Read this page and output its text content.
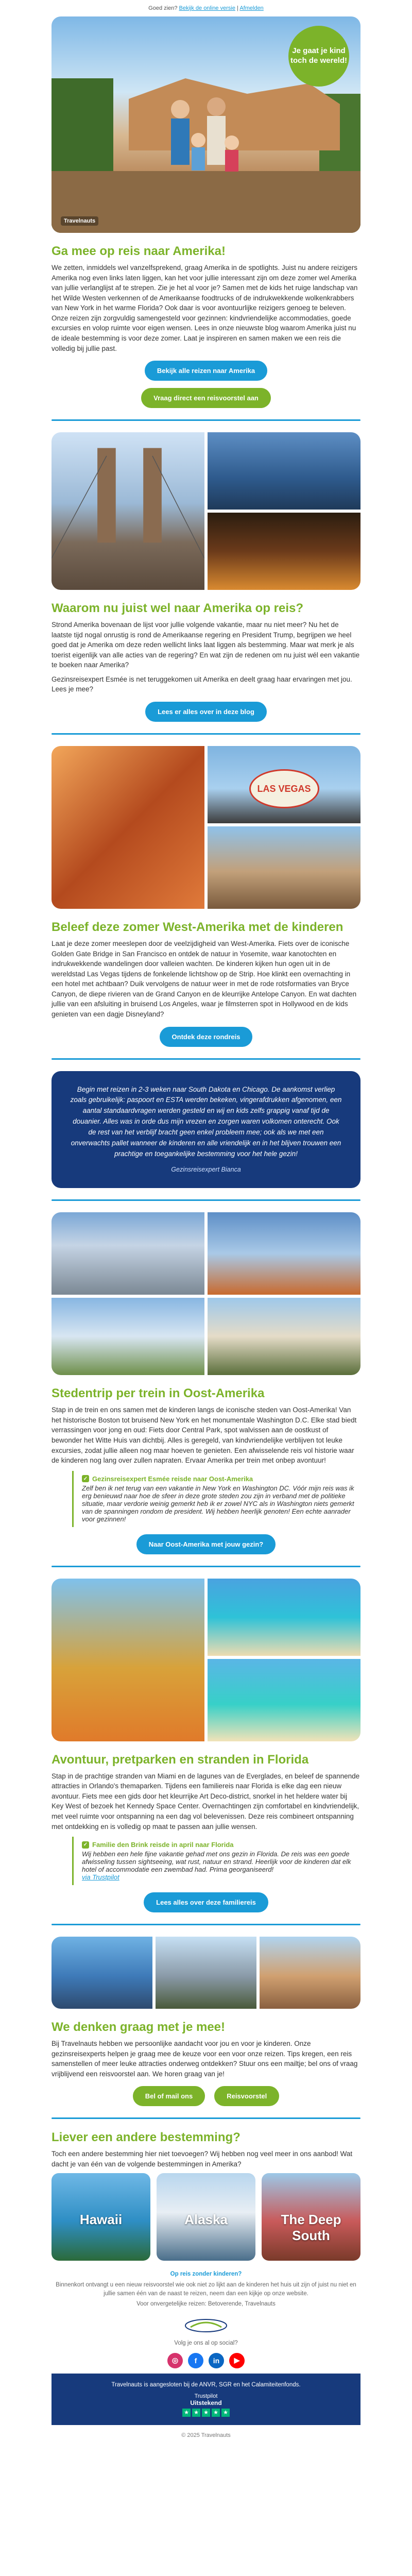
Goed zien? Bekijk de online versie | Afmelden
Je gaat je kind toch de wereld!
Travelnauts
Ga mee op reis naar Amerika!

We zetten, inmiddels wel vanzelfsprekend, graag Amerika in de spotlights. Juist nu andere reizigers Amerika nog even links laten liggen, kan het voor jullie interessant zijn om deze zomer wel Amerika van jullie verlanglijst af te strepen. Zie je het al voor je? Samen met de kids het ruige landschap van het Wilde Westen verkennen of de Amerikaanse foodtrucks of de indrukwekkende wolkenkrabbers van New York in het warme Florida? Ook daar is voor avontuurlijke reizigers genoeg te beleven. Onze reizen zijn zorgvuldig samengesteld voor gezinnen: kindvriendelijke accommodaties, goede excursies en volop ruimte voor eigen wensen. Lees in onze nieuwste blog waarom Amerika juist nu de ideale bestemming is voor deze zomer. Laat je inspireren en samen maken we een reis die volledig bij jullie past.

Bekijk alle reizen naar Amerika
Vraag direct een reisvoorstel aan
Waarom nu juist wel naar Amerika op reis?

Strond Amerika bovenaan de lijst voor jullie volgende vakantie, maar nu niet meer? Nu het de laatste tijd nogal onrustig is rond de Amerikaanse regering en President Trump, begrijpen we heel goed dat je Amerika om deze reden wellicht links laat liggen als bestemming. Maar wat merk je als toerist eigenlijk van alle acties van de regering? En wat zijn de redenen om nu juist wél een vakantie te boeken naar Amerika?

Gezinsreisexpert Esmée is net teruggekomen uit Amerika en deelt graag haar ervaringen met jou. Lees je mee?

Lees er alles over in deze blog
LAS VEGAS
Beleef deze zomer West-Amerika met de kinderen

Laat je deze zomer meeslepen door de veelzijdigheid van West-Amerika. Fiets over de iconische Golden Gate Bridge in San Francisco en ontdek de natuur in Yosemite, waar kanotochten en indrukwekkende wandelingen door valleien wachten. De kinderen kijken hun ogen uit in de wereldstad Las Vegas tijdens de fonkelende lichtshow op de Strip. Hoe klinkt een overnachting in een hotel met achtbaan? Duik vervolgens de natuur weer in met de rode rotsformaties van Bryce Canyon, de diepe rivieren van de Grand Canyon en de kleurrijke Antelope Canyon. En wat dachten jullie van een afsluiting in bruisend Los Angeles, waar je filmsterren spot in Hollywood en de kids genieten van een dagje Disneyland?

Ontdek deze rondreis
Begin met reizen in 2-3 weken naar South Dakota en Chicago. De aankomst verliep zoals gebruikelijk: paspoort en ESTA werden bekeken, vingerafdrukken afgenomen, een aantal standaardvragen werden gesteld en wij en kids zelfs grappig vanaf tijd de douanier. Alles was in orde dus mijn vrezen en zorgen waren volkomen onterecht. Ook de rest van het verblijf bracht geen enkel probleem mee; ook als we met een onverwachts pallet wanneer de kinderen en alle vriendelijk en in het blijven trouwen een prachtige en toegankelijke bestemming voor het hele gezin!
Gezinsreisexpert Bianca
Stedentrip per trein in Oost-Amerika

Stap in de trein en ons samen met de kinderen langs de iconische steden van Oost-Amerika! Van het historische Boston tot bruisend New York en het monumentale Washington D.C. Elke stad biedt verrassingen voor jong en oud: Fiets door Central Park, spot walvissen aan de oostkust of bewonder het Witte Huis van dichtbij. Alles is geregeld, van kindvriendelijke verblijven tot leuke excursies, zodat jullie alleen nog maar hoeven te genieten. Een afwisselende reis vol historie waar de kinderen nog lang over zullen napraten. Ervaar Amerika per trein met onbep avontuur!

✓ Gezinsreisexpert Esmée reisde naar Oost-Amerika
Zelf ben ik net terug van een vakantie in New York en Washington DC. Vóór mijn reis was ik erg benieuwd naar hoe de sfeer in deze grote steden zou zijn in verband met de politieke situatie, maar verdorie weinig gemerkt heb ik er zowel NYC als in Washington niets gemerkt van de spanningen rondom de president. Wij hebben heerlijk genoten! Een echte aanrader voor gezinnen!
Naar Oost-Amerika met jouw gezin?
Avontuur, pretparken en stranden in Florida

Stap in de prachtige stranden van Miami en de lagunes van de Everglades, en beleef de spannende attracties in Orlando's themaparken. Tijdens een familiereis naar Florida is elke dag een nieuw avontuur. Fiets mee een gids door het kleurrijke Art Deco-district, snorkel in het heldere water bij Key West of bezoek het Kennedy Space Center. Overnachtingen zijn comfortabel en kindvriendelijk, met veel ruimte voor ontspanning na een dag vol belevenissen. Deze reis combineert ontspanning met ontdekking en is volledig op maat te passen aan jullie wensen.

✓ Familie den Brink reisde in april naar Florida
Wij hebben een hele fijne vakantie gehad met ons gezin in Florida. De reis was een goede afwisseling tussen sightseeing, wat rust, natuur en strand. Heerlijk voor de kinderen dat elk hotel of accommodatie een zwembad had. Prima georganiseerd!
via Trustpilot
Lees alles over deze familiereis
We denken graag met je mee!

Bij Travelnauts hebben we persoonlijke aandacht voor jou en voor je kinderen. Onze gezinsreisexperts helpen je graag mee de keuze voor een voor onze reizen. Tips kregen, een reis samenstellen of meer leuke attracties onderweg ontdekken? Stuur ons een mailtje; bel ons of vraag vrijblijvend een reisvoorstel aan. We horen graag van je!

Bel of mail ons	Reisvoorstel
Liever een andere bestemming?

Toch een andere bestemming hier niet toevoegen? Wij hebben nog veel meer in ons aanbod! Wat dacht je van één van de volgende bestemmingen in Amerika?

Hawaii	Alaska	The Deep South
Op reis zonder kinderen?
Binnenkort ontvangt u een nieuw reisvoorstel wie ook niet zo lijkt aan de kinderen het huis uit zijn of juist nu niet en jullie samen één van de naast te reizen, neem dan een kijkje op onze website.
Voor onvergetelijke reizen: Betoverende, Travelnauts
Volg je ons al op social?
◎	f	in	▶
Travelnauts is aangesloten bij de ANVR, SGR en het Calamiteitenfonds.
Trustpilot
Uitstekend
★ ★ ★ ★ ★
© 2025 Travelnauts
